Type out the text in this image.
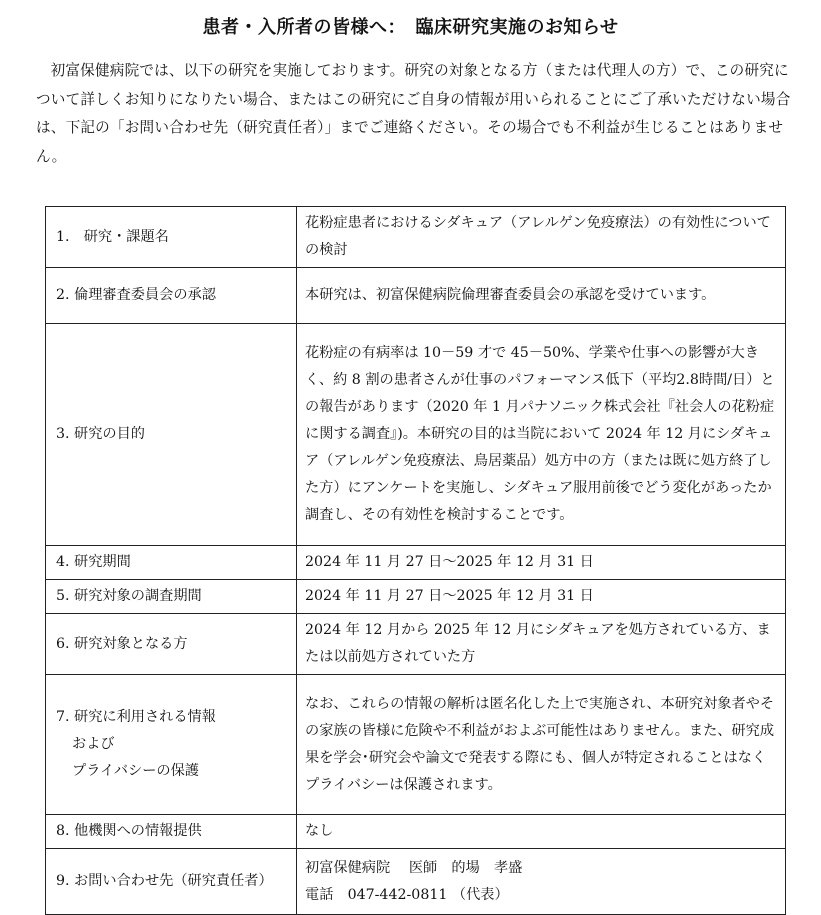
患者・入所者の皆様へ：　臨床研究実施のお知らせ

初富保健病院では、以下の研究を実施しております。研究の対象となる方（または代理人の方）で、この研究について詳しくお知りになりたい場合、またはこの研究にご自身の情報が用いられることにご了承いただけない場合は、下記の「お問い合わせ先（研究責任者）」までご連絡ください。その場合でも不利益が生じることはありません。

1.　研究・課題名	花粉症患者におけるシダキュア（アレルゲン免疫療法）の有効性についての検討
2. 倫理審査委員会の承認	本研究は、初富保健病院倫理審査委員会の承認を受けています。
3. 研究の目的	花粉症の有病率は 10－59 才で 45－50%、学業や仕事への影響が大きく、約 8 割の患者さんが仕事のパフォーマンス低下（平均2.8時間/日）との報告があります（2020 年 1 月パナソニック株式会社『社会人の花粉症に関する調査』)。本研究の目的は当院において 2024 年 12 月にシダキュア（アレルゲン免疫療法、鳥居薬品）処方中の方（または既に処方終了した方）にアンケートを実施し、シダキュア服用前後でどう変化があったか調査し、その有効性を検討することです。
4. 研究期間	2024 年 11 月 27 日～2025 年 12 月 31 日
5. 研究対象の調査期間	2024 年 11 月 27 日～2025 年 12 月 31 日
6. 研究対象となる方	2024 年 12 月から 2025 年 12 月にシダキュアを処方されている方、または以前処方されていた方

7. 研究に利用される情報
および
プライバシーの保護	なお、これらの情報の解析は匿名化した上で実施され、本研究対象者やその家族の皆様に危険や不利益がおよぶ可能性はありません。また、研究成果を学会･研究会や論文で発表する際にも、個人が特定されることはなくプライバシーは保護されます。
8. 他機関への情報提供	なし
9. お問い合わせ先（研究責任者）	初富保健病院　 医師　的場　孝盛
電話　047-442-0811 （代表）
